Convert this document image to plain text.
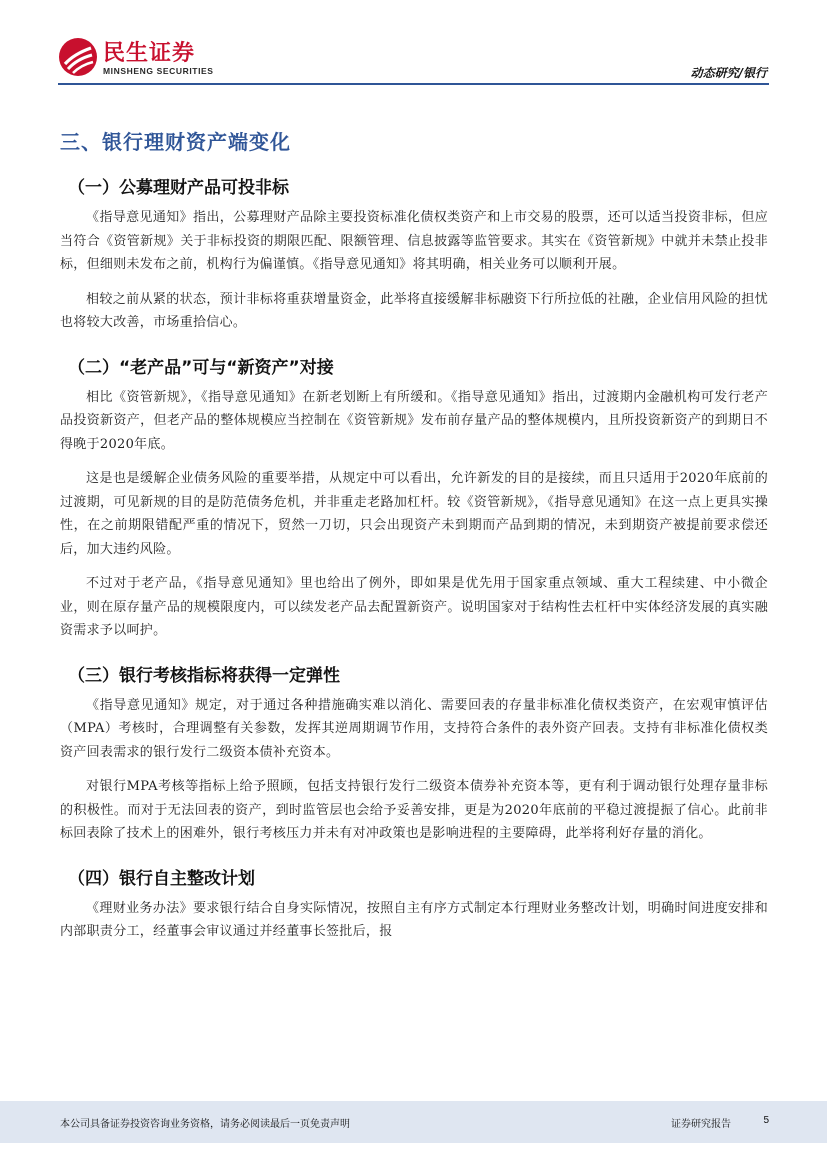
民生证券
MINSHENG SECURITIES	动态研究/银行
三、银行理财资产端变化
（一）公募理财产品可投非标

《指导意见通知》指出，公募理财产品除主要投资标准化债权类资产和上市交易的股票，还可以适当投资非标，但应当符合《资管新规》关于非标投资的期限匹配、限额管理、信息披露等监管要求。其实在《资管新规》中就并未禁止投非标，但细则未发布之前，机构行为偏谨慎。《指导意见通知》将其明确，相关业务可以顺利开展。

相较之前从紧的状态，预计非标将重获增量资金，此举将直接缓解非标融资下行所拉低的社融，企业信用风险的担忧也将较大改善，市场重拾信心。

（二）“老产品”可与“新资产”对接

相比《资管新规》，《指导意见通知》在新老划断上有所缓和。《指导意见通知》指出，过渡期内金融机构可发行老产品投资新资产，但老产品的整体规模应当控制在《资管新规》发布前存量产品的整体规模内，且所投资新资产的到期日不得晚于2020年底。

这是也是缓解企业债务风险的重要举措，从规定中可以看出，允许新发的目的是接续，而且只适用于2020年底前的过渡期，可见新规的目的是防范债务危机，并非重走老路加杠杆。较《资管新规》，《指导意见通知》在这一点上更具实操性，在之前期限错配严重的情况下，贸然一刀切，只会出现资产未到期而产品到期的情况，未到期资产被提前要求偿还后，加大违约风险。

不过对于老产品，《指导意见通知》里也给出了例外，即如果是优先用于国家重点领域、重大工程续建、中小微企业，则在原存量产品的规模限度内，可以续发老产品去配置新资产。说明国家对于结构性去杠杆中实体经济发展的真实融资需求予以呵护。

（三）银行考核指标将获得一定弹性

《指导意见通知》规定，对于通过各种措施确实难以消化、需要回表的存量非标准化债权类资产，在宏观审慎评估（MPA）考核时，合理调整有关参数，发挥其逆周期调节作用，支持符合条件的表外资产回表。支持有非标准化债权类资产回表需求的银行发行二级资本债补充资本。

对银行MPA考核等指标上给予照顾，包括支持银行发行二级资本债券补充资本等，更有利于调动银行处理存量非标的积极性。而对于无法回表的资产，到时监管层也会给予妥善安排，更是为2020年底前的平稳过渡提振了信心。此前非标回表除了技术上的困难外，银行考核压力并未有对冲政策也是影响进程的主要障碍，此举将利好存量的消化。

（四）银行自主整改计划

《理财业务办法》要求银行结合自身实际情况，按照自主有序方式制定本行理财业务整改计划，明确时间进度安排和内部职责分工，经董事会审议通过并经董事长签批后，报

本公司具备证券投资咨询业务资格，请务必阅读最后一页免责声明	证券研究报告	5
